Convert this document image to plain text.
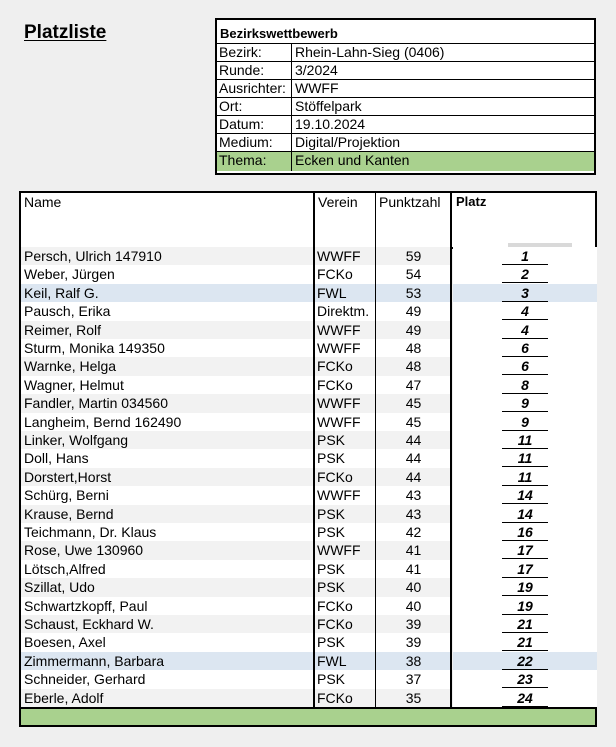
Platzliste	Bezirkswettbewerb
Bezirk:	Rhein-Lahn-Sieg (0406)
Runde:	3/2024
Ausrichter: WWFF
Ort:	Stöffelpark
Datum:	19.10.2024
Medium:	Digital/Projektion
Thema:	Ecken und Kanten
Name	Verein	Punktzahl	Platz
Persch, Ulrich 147910	WWFF	59	1
Weber, Jürgen	FCKo	54	2
Keil, Ralf G.	FWL	53	3
Pausch, Erika	Direktm.	49	4
Reimer, Rolf	WWFF	49	4
Sturm, Monika 149350	WWFF	48	6
Warnke, Helga	FCKo	48	6
Wagner, Helmut	FCKo	47	8
Fandler, Martin 034560	WWFF	45	9
Langheim, Bernd 162490	WWFF	45	9
Linker, Wolfgang	PSK	44	11
Doll, Hans	PSK	44	11
Dorstert,Horst	FCKo	44	11
Schürg, Berni	WWFF	43	14
Krause, Bernd	PSK	43	14
Teichmann, Dr. Klaus	PSK	42	16
Rose, Uwe 130960	WWFF	41	17
Lötsch,Alfred	PSK	41	17
Szillat, Udo	PSK	40	19
Schwartzkopff, Paul	FCKo	40	19
Schaust, Eckhard W.	FCKo	39	21
Boesen, Axel	PSK	39	21
Zimmermann, Barbara	FWL	38	22
Schneider, Gerhard	PSK	37	23
Eberle, Adolf	FCKo	35	24
